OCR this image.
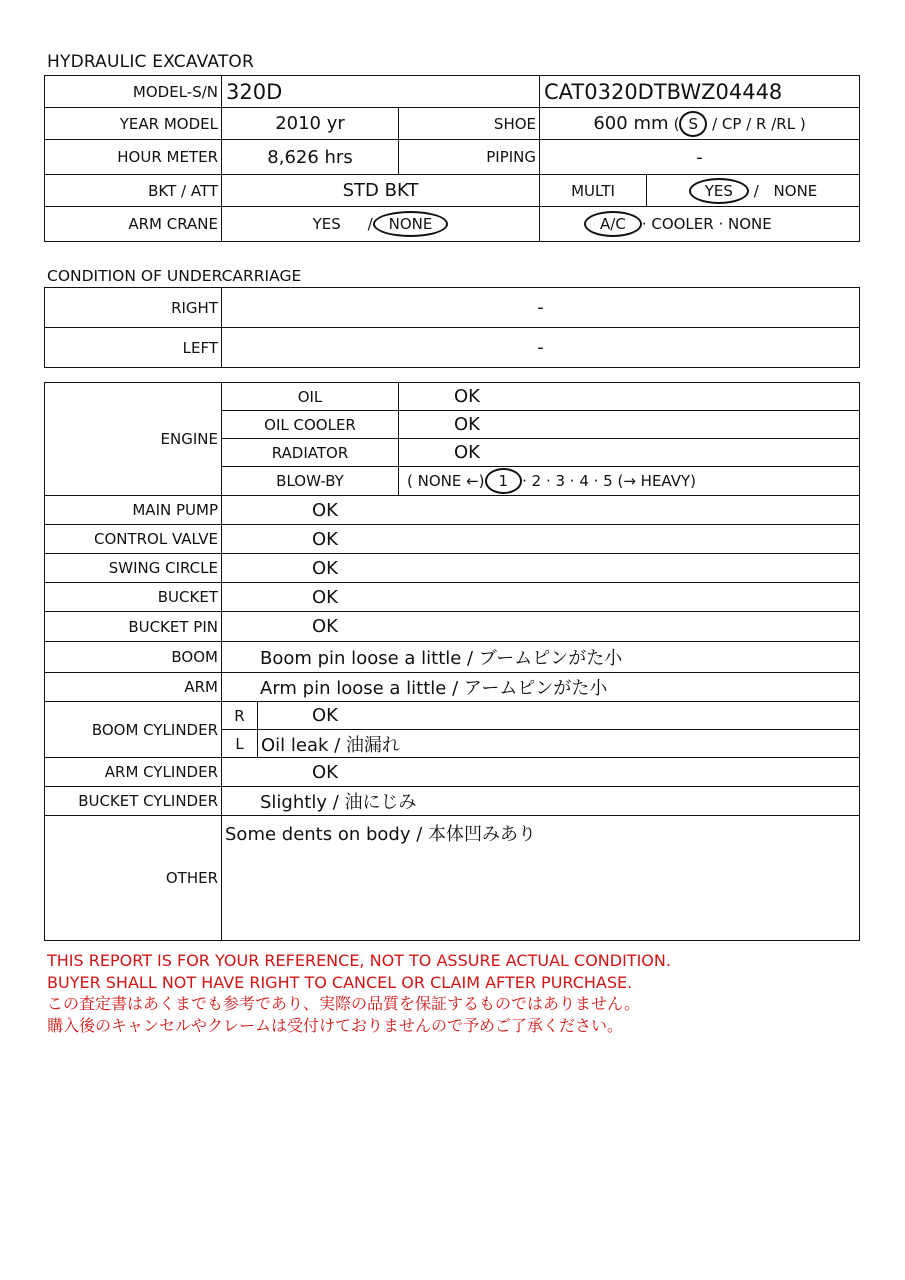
HYDRAULIC EXCAVATOR
MODEL-S/N	320D		CAT0320DTBWZ04448	
YEAR MODEL	2010 yr	SHOE	600 mm ( S / CP / R /RL )	
HOUR METER	8,626 hrs	PIPING	-	
BKT / ATT	STD BKT		MULTI	YES / NONE
ARM CRANE	YES / NONE		A/C · COOLER · NONE	
CONDITION OF UNDERCARRIAGE
RIGHT	-
LEFT	-
ENGINE	OIL		OK
	OIL COOLER		OK
	RADIATOR		OK
	BLOW-BY		( NONE ←) 1 · 2 · 3 · 4 · 5 (→ HEAVY)
MAIN PUMP	OK		
CONTROL VALVE	OK		
SWING CIRCLE	OK		
BUCKET	OK		
BUCKET PIN	OK		
BOOM	Boom pin loose a little / ブームピンがた小		
ARM	Arm pin loose a little / アームピンがた小		
BOOM CYLINDER	R	OK	
	L	Oil leak / 油漏れ	
ARM CYLINDER	OK		
BUCKET CYLINDER	Slightly / 油にじみ		
OTHER	Some dents on body / 本体凹みあり		
THIS REPORT IS FOR YOUR REFERENCE, NOT TO ASSURE ACTUAL CONDITION.
BUYER SHALL NOT HAVE RIGHT TO CANCEL OR CLAIM AFTER PURCHASE.
この査定書はあくまでも参考であり、実際の品質を保証するものではありません。
購入後のキャンセルやクレームは受付けておりませんので予めご了承ください。
